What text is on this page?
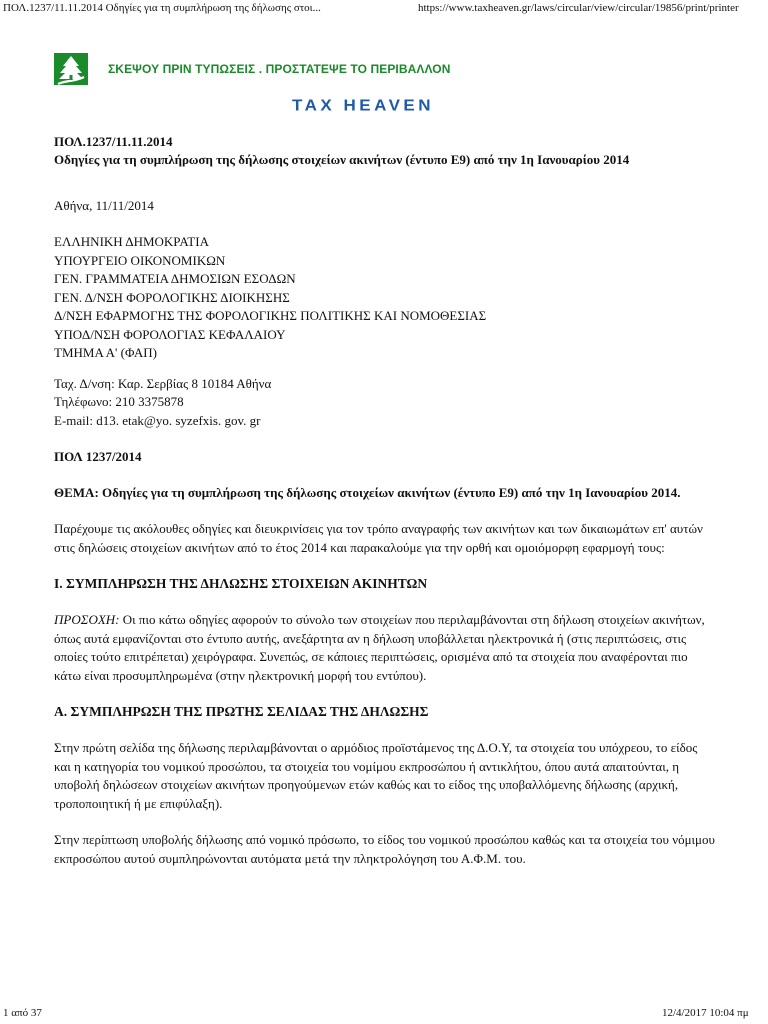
ΠΟΛ.1237/11.11.2014 Οδηγίες για τη συμπλήρωση της δήλωσης στοι...	https://www.taxheaven.gr/laws/circular/view/circular/19856/print/printer
ΣΚΕΨΟΥ ΠΡΙΝ ΤΥΠΩΣΕΙΣ . ΠΡΟΣΤΑΤΕΨΕ ΤΟ ΠΕΡΙΒΑΛΛΟΝ
TAX HEAVEN

ΠΟΛ.1237/11.11.2014

Οδηγίες για τη συμπλήρωση της δήλωσης στοιχείων ακινήτων (έντυπο Ε9) από την 1η Ιανουαρίου 2014

Αθήνα, 11/11/2014

ΕΛΛΗΝΙΚΗ ΔΗΜΟΚΡΑΤΙΑ

ΥΠΟΥΡΓΕΙΟ ΟΙΚΟΝΟΜΙΚΩΝ

ΓΕΝ. ΓΡΑΜΜΑΤΕΙΑ ΔΗΜΟΣΙΩΝ ΕΣΟΔΩΝ

ΓΕΝ. Δ/ΝΣΗ ΦΟΡΟΛΟΓΙΚΗΣ ΔΙΟΙΚΗΣΗΣ

Δ/ΝΣΗ ΕΦΑΡΜΟΓΗΣ ΤΗΣ ΦΟΡΟΛΟΓΙΚΗΣ ΠΟΛΙΤΙΚΗΣ ΚΑΙ ΝΟΜΟΘΕΣΙΑΣ

ΥΠΟΔ/ΝΣΗ ΦΟΡΟΛΟΓΙΑΣ ΚΕΦΑΛΑΙΟΥ

ΤΜΗΜΑ Α' (ΦΑΠ)

Ταχ. Δ/νση: Καρ. Σερβίας 8 10184 Αθήνα

Τηλέφωνο: 210 3375878

E-mail: d13. etak@yo. syzefxis. gov. gr

ΠΟΛ 1237/2014

ΘΕΜΑ: Οδηγίες για τη συμπλήρωση της δήλωσης στοιχείων ακινήτων (έντυπο Ε9) από την 1η Ιανουαρίου 2014.

Παρέχουμε τις ακόλουθες οδηγίες και διευκρινίσεις για τον τρόπο αναγραφής των ακινήτων και των δικαιωμάτων επ' αυτών στις δηλώσεις στοιχείων ακινήτων από το έτος 2014 και παρακαλούμε για την ορθή και ομοιόμορφη εφαρμογή τους:

Ι. ΣΥΜΠΛΗΡΩΣΗ ΤΗΣ ΔΗΛΩΣΗΣ ΣΤΟΙΧΕΙΩΝ ΑΚΙΝΗΤΩΝ

ΠΡΟΣΟΧΗ: Οι πιο κάτω οδηγίες αφορούν το σύνολο των στοιχείων που περιλαμβάνονται στη δήλωση στοιχείων ακινήτων, όπως αυτά εμφανίζονται στο έντυπο αυτής, ανεξάρτητα αν η δήλωση υποβάλλεται ηλεκτρονικά ή (στις περιπτώσεις, στις οποίες τούτο επιτρέπεται) χειρόγραφα. Συνεπώς, σε κάποιες περιπτώσεις, ορισμένα από τα στοιχεία που αναφέρονται πιο κάτω είναι προσυμπληρωμένα (στην ηλεκτρονική μορφή του εντύπου).

Α. ΣΥΜΠΛΗΡΩΣΗ ΤΗΣ ΠΡΩΤΗΣ ΣΕΛΙΔΑΣ ΤΗΣ ΔΗΛΩΣΗΣ

Στην πρώτη σελίδα της δήλωσης περιλαμβάνονται ο αρμόδιος προϊστάμενος της Δ.Ο.Υ, τα στοιχεία του υπόχρεου, το είδος και η κατηγορία του νομικού προσώπου, τα στοιχεία του νομίμου εκπροσώπου ή αντικλήτου, όπου αυτά απαιτούνται, η υποβολή δηλώσεων στοιχείων ακινήτων προηγούμενων ετών καθώς και το είδος της υποβαλλόμενης δήλωσης (αρχική, τροποποιητική ή με επιφύλαξη).

Στην περίπτωση υποβολής δήλωσης από νομικό πρόσωπο, το είδος του νομικού προσώπου καθώς και τα στοιχεία του νόμιμου εκπροσώπου αυτού συμπληρώνονται αυτόματα μετά την πληκτρολόγηση του Α.Φ.Μ. του.

1 από 37	12/4/2017 10:04 πμ
